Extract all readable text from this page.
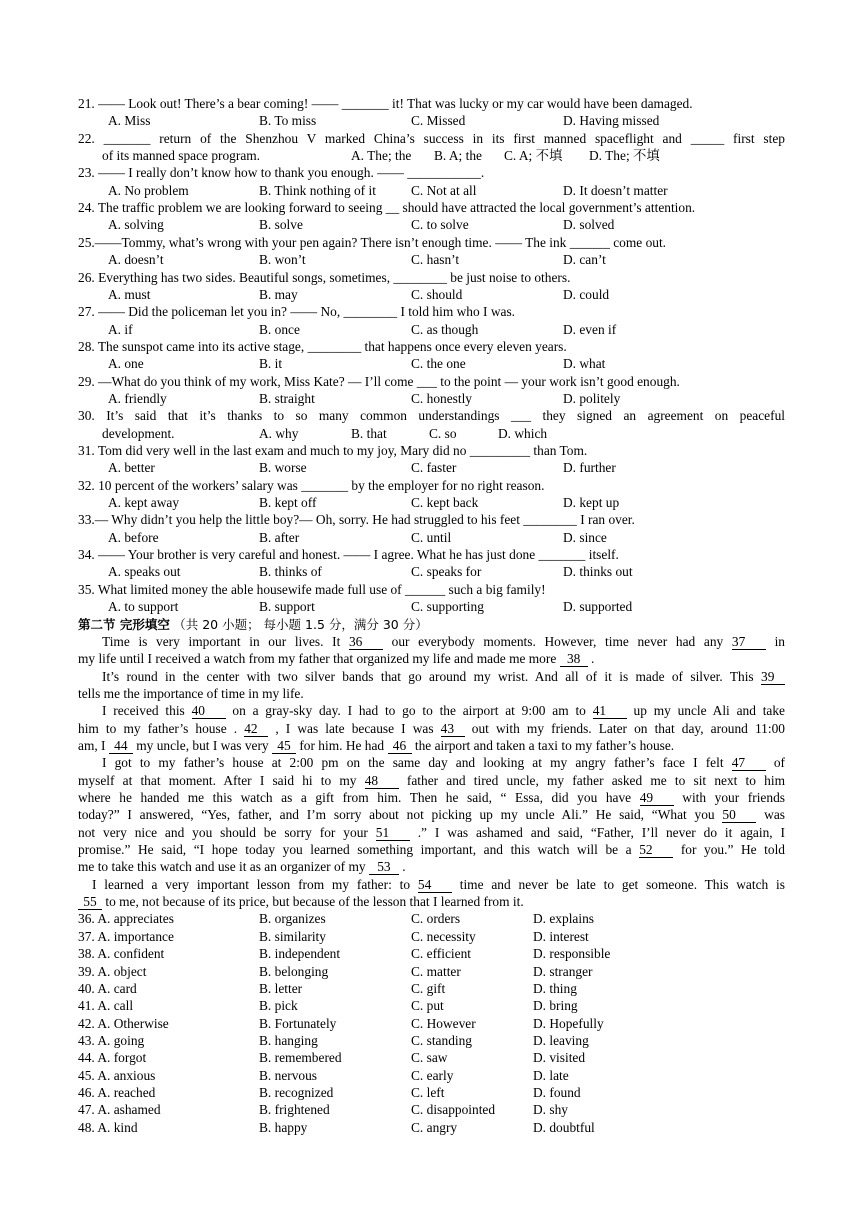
21. —— Look out! There’s a bear coming! —— _______ it! That was lucky or my car would have been damaged.
A. Miss	B. To miss	C. Missed	D. Having missed
22. _______ return of the Shenzhou V marked China’s success in its first manned spaceflight and _____ first step
of its manned space program.	A. The; the B. A; the C. A; 不填 D. The; 不填
23. —— I really don’t know how to thank you enough. —— ___________.
A. No problem	B. Think nothing of it	C. Not at all	D. It doesn’t matter
24. The traffic problem we are looking forward to seeing __ should have attracted the local government’s attention.
A. solving	B. solve	C. to solve	D. solved
25.——Tommy, what’s wrong with your pen again? There isn’t enough time. —— The ink ______ come out.
A. doesn’t	B. won’t	C. hasn’t	D. can’t
26. Everything has two sides. Beautiful songs, sometimes, ________ be just noise to others.
A. must	B. may	C. should	D. could
27. —— Did the policeman let you in? —— No, ________ I told him who I was.
A. if	B. once	C. as though	D. even if
28. The sunspot came into its active stage, ________ that happens once every eleven years.
A. one	B. it	C. the one	D. what
29. —What do you think of my work, Miss Kate? — I’ll come ___ to the point — your work isn’t good enough.
A. friendly	B. straight	C. honestly	D. politely
30. It’s said that it’s thanks to so many common understandings ___ they signed an agreement on peaceful
development.	A. why	B. that	C. so	D. which
31. Tom did very well in the last exam and much to my joy, Mary did no _________ than Tom.
A. better	B. worse	C. faster	D. further
32. 10 percent of the workers’ salary was _______ by the employer for no right reason.
A. kept away	B. kept off	C. kept back	D. kept up
33.— Why didn’t you help the little boy?— Oh, sorry. He had struggled to his feet ________ I ran over.
A. before	B. after	C. until	D. since
34. —— Your brother is very careful and honest. —— I agree. What he has just done _______ itself.
A. speaks out	B. thinks of	C. speaks for	D. thinks out
35. What limited money the able housewife made full use of ______ such a big family!
A. to support	B. support	C. supporting	D. supported
第二节 完形填空 （共 20 小题； 每小题 1.5 分，满分 30 分）
Time is very important in our lives. It 36 our everybody moments. However, time never had any 37 in
my life until I received a watch from my father that organized my life and made me more 38 .
It’s round in the center with two silver bands that go around my wrist. And all of it is made of silver. This 39
tells me the importance of time in my life.
I received this 40 on a gray-sky day. I had to go to the airport at 9:00 am to 41 up my uncle Ali and take
him to my father’s house . 42 , I was late because I was 43 out with my friends. Later on that day, around 11:00
am, I 44 my uncle, but I was very 45 for him. He had 46 the airport and taken a taxi to my father’s house.
I got to my father’s house at 2:00 pm on the same day and looking at my angry father’s face I felt 47 of
myself at that moment. After I said hi to my 48 father and tired uncle, my father asked me to sit next to him
where he handed me this watch as a gift from him. Then he said, “ Essa, did you have 49 with your friends
today?” I answered, “Yes, father, and I’m sorry about not picking up my uncle Ali.” He said, “What you 50 was
not very nice and you should be sorry for your 51 .” I was ashamed and said, “Father, I’ll never do it again, I
promise.” He said, “I hope today you learned something important, and this watch will be a 52 for you.” He told
me to take this watch and use it as an organizer of my 53 .
I learned a very important lesson from my father: to 54 time and never be late to get someone. This watch is
55 to me, not because of its price, but because of the lesson that I learned from it.
36. A. appreciates	B. organizes	C. orders	D. explains
37. A. importance	B. similarity	C. necessity	D. interest
38. A. confident	B. independent	C. efficient	D. responsible
39. A. object	B. belonging	C. matter	D. stranger
40. A. card	B. letter	C. gift	D. thing
41. A. call	B. pick	C. put	D. bring
42. A. Otherwise	B. Fortunately	C. However	D. Hopefully
43. A. going	B. hanging	C. standing	D. leaving
44. A. forgot	B. remembered	C. saw	D. visited
45. A. anxious	B. nervous	C. early	D. late
46. A. reached	B. recognized	C. left	D. found
47. A. ashamed	B. frightened	C. disappointed	D. shy
48. A. kind	B. happy	C. angry	D. doubtful
